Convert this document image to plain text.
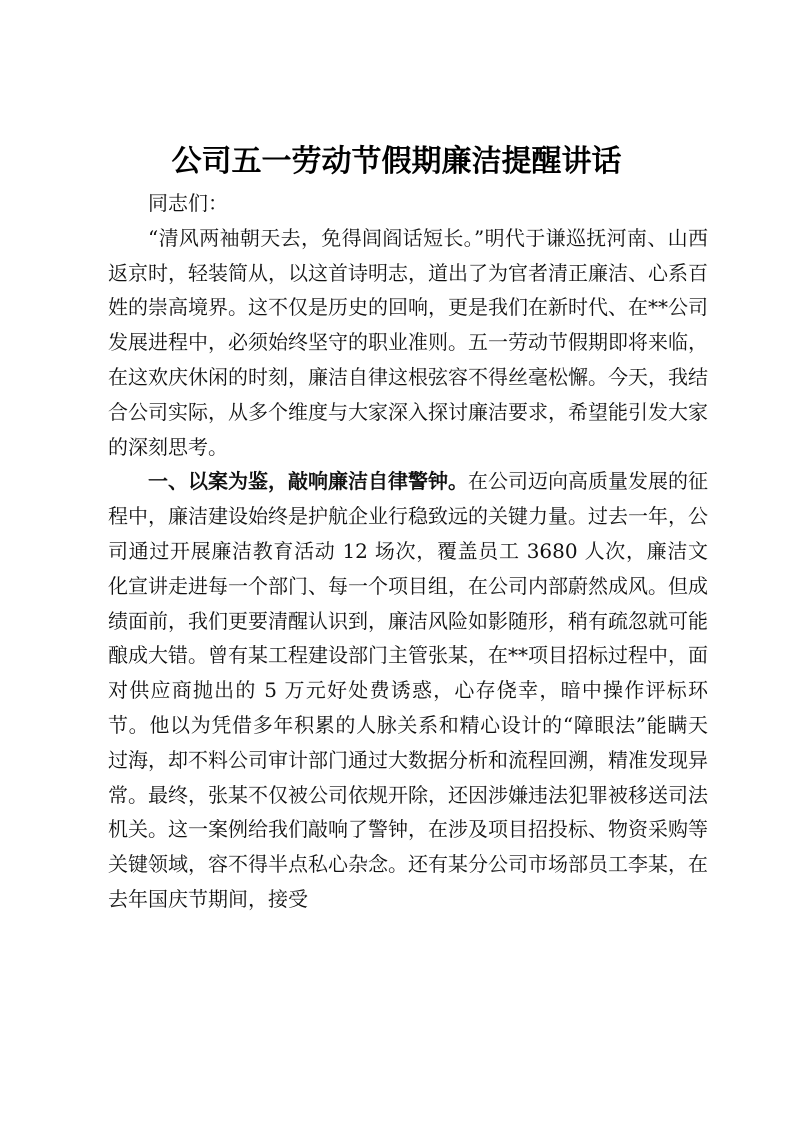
公司五一劳动节假期廉洁提醒讲话

同志们：

“清风两袖朝天去，免得闾阎话短长。”明代于谦巡抚河南、山西返京时，轻装简从，以这首诗明志，道出了为官者清正廉洁、心系百姓的崇高境界。这不仅是历史的回响，更是我们在新时代、在**公司发展进程中，必须始终坚守的职业准则。五一劳动节假期即将来临，在这欢庆休闲的时刻，廉洁自律这根弦容不得丝毫松懈。今天，我结合公司实际，从多个维度与大家深入探讨廉洁要求，希望能引发大家的深刻思考。

一、以案为鉴，敲响廉洁自律警钟。在公司迈向高质量发展的征程中，廉洁建设始终是护航企业行稳致远的关键力量。过去一年，公司通过开展廉洁教育活动 12 场次，覆盖员工 3680 人次，廉洁文化宣讲走进每一个部门、每一个项目组，在公司内部蔚然成风。但成绩面前，我们更要清醒认识到，廉洁风险如影随形，稍有疏忽就可能酿成大错。曾有某工程建设部门主管张某，在**项目招标过程中，面对供应商抛出的 5 万元好处费诱惑，心存侥幸，暗中操作评标环节。他以为凭借多年积累的人脉关系和精心设计的“障眼法”能瞒天过海，却不料公司审计部门通过大数据分析和流程回溯，精准发现异常。最终，张某不仅被公司依规开除，还因涉嫌违法犯罪被移送司法机关。这一案例给我们敲响了警钟，在涉及项目招投标、物资采购等关键领域，容不得半点私心杂念。还有某分公司市场部员工李某，在去年国庆节期间，接受
